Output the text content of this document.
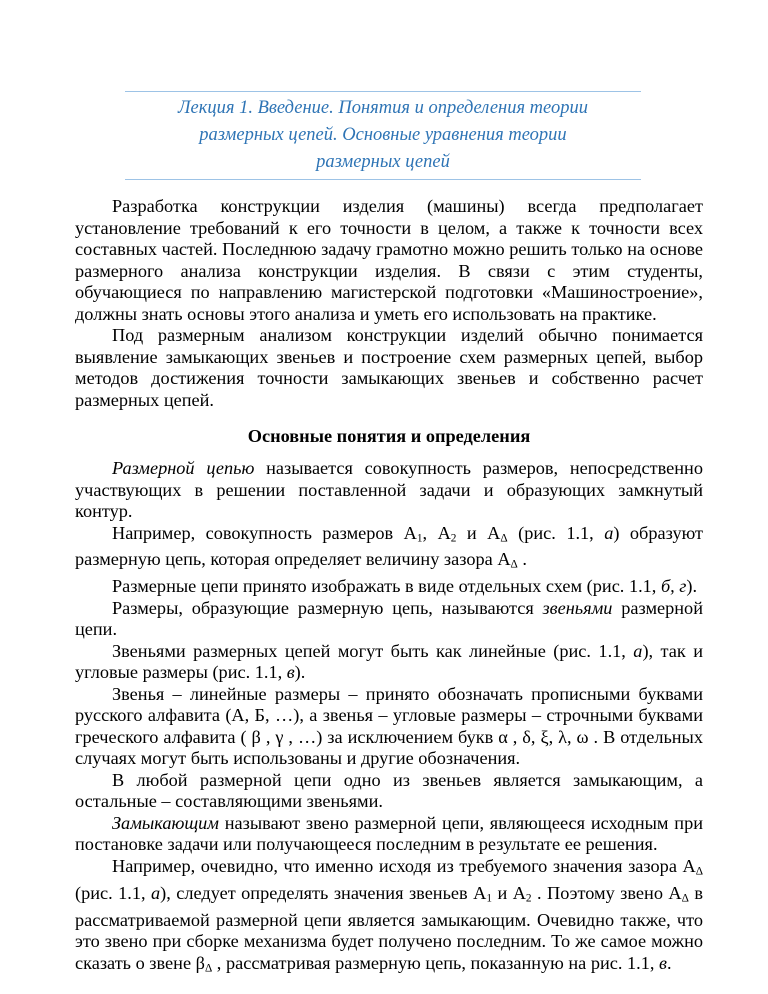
Лекция 1. Введение. Понятия и определения теории
размерных цепей. Основные уравнения теории
размерных цепей

Разработка конструкции изделия (машины) всегда предполагает установление требований к его точности в целом, а также к точности всех составных частей. Последнюю задачу грамотно можно решить только на основе размерного анализа конструкции изделия. В связи с этим студенты, обучающиеся по направлению магистерской подготовки «Машиностроение», должны знать основы этого анализа и уметь его использовать на практике.

Под размерным анализом конструкции изделий обычно понимается выявление замыкающих звеньев и построение схем размерных цепей, выбор методов достижения точности замыкающих звеньев и собственно расчет размерных цепей.

Основные понятия и определения

Размерной цепью называется совокупность размеров, непосредственно участвующих в решении поставленной задачи и образующих замкнутый контур.

Например, совокупность размеров $А_1$, $А_2$ и $А_\Delta$ (рис. 1.1, а) образуют размерную цепь, которая определяет величину зазора $А_\Delta$ .

Размерные цепи принято изображать в виде отдельных схем (рис. 1.1, б, г).

Размеры, образующие размерную цепь, называются звеньями размерной цепи.

Звеньями размерных цепей могут быть как линейные (рис. 1.1, а), так и угловые размеры (рис. 1.1, в).

Звенья – линейные размеры – принято обозначать прописными буквами русского алфавита (А, Б, …), а звенья – угловые размеры – строчными буквами греческого алфавита ( β , γ , …) за исключением букв α , δ, ξ, λ, ω . В отдельных случаях могут быть использованы и другие обозначения.

В любой размерной цепи одно из звеньев является замыкающим, а остальные – составляющими звеньями.

Замыкающим называют звено размерной цепи, являющееся исходным при постановке задачи или получающееся последним в результате ее решения.

Например, очевидно, что именно исходя из требуемого значения зазора $А_\Delta$ (рис. 1.1, а), следует определять значения звеньев $А_1$ и $А_2$ . Поэтому звено $А_\Delta$ в рассматриваемой размерной цепи является замыкающим. Очевидно также, что это звено при сборке механизма будет получено последним. То же самое можно сказать о звене $\beta_\Delta$ , рассматривая размерную цепь, показанную на рис. 1.1, в.
